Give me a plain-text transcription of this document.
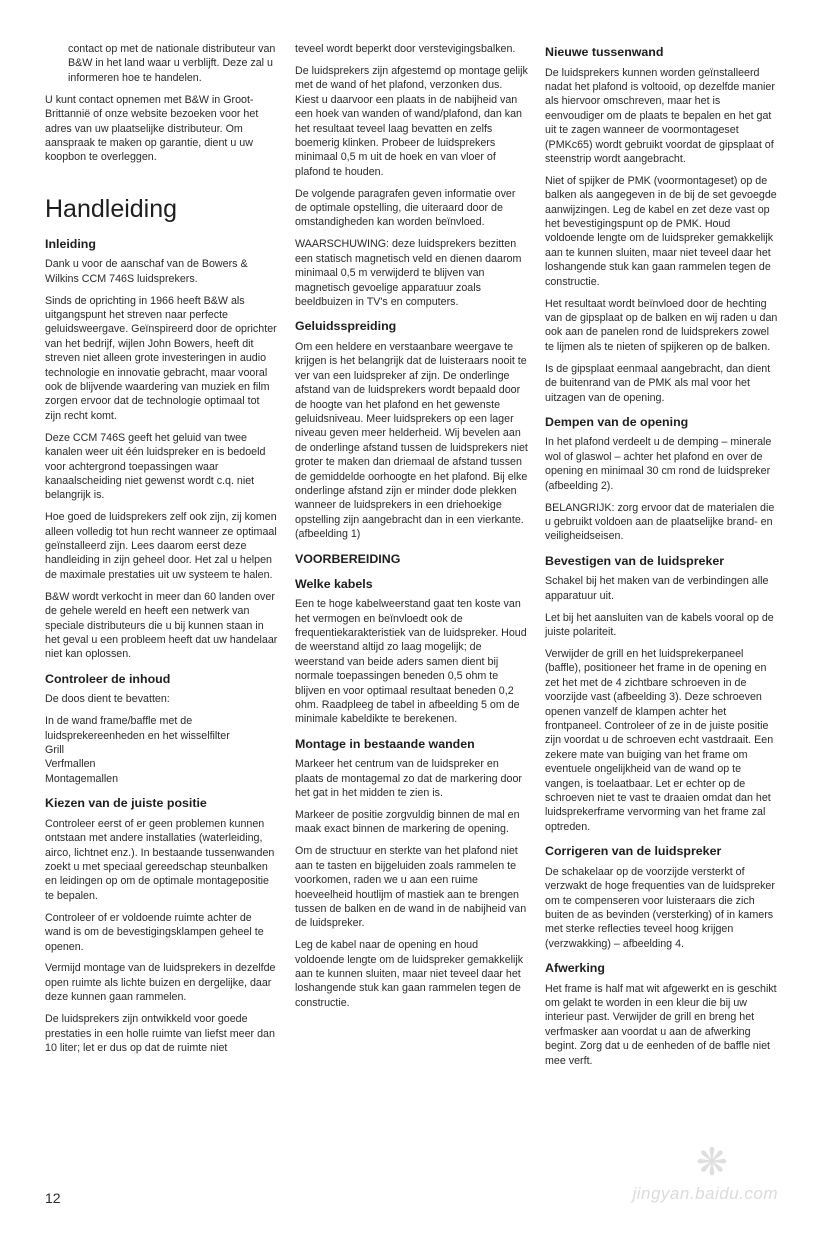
contact op met de nationale distributeur van B&W in het land waar u verblijft. Deze zal u informeren hoe te handelen.

U kunt contact opnemen met B&W in Groot-Brittannië of onze website bezoeken voor het adres van uw plaatselijke distributeur. Om aanspraak te maken op garantie, dient u uw koopbon te overleggen.

Handleiding
Inleiding

Dank u voor de aanschaf van de Bowers & Wilkins CCM 746S luidsprekers.

Sinds de oprichting in 1966 heeft B&W als uitgangspunt het streven naar perfecte geluidsweergave. Geïnspireerd door de oprichter van het bedrijf, wijlen John Bowers, heeft dit streven niet alleen grote investeringen in audio technologie en innovatie gebracht, maar vooral ook de blijvende waardering van muziek en film zorgen ervoor dat de technologie optimaal tot zijn recht komt.

Deze CCM 746S geeft het geluid van twee kanalen weer uit één luidspreker en is bedoeld voor achtergrond toepassingen waar kanaalscheiding niet gewenst wordt c.q. niet belangrijk is.

Hoe goed de luidsprekers zelf ook zijn, zij komen alleen volledig tot hun recht wanneer ze optimaal geïnstalleerd zijn. Lees daarom eerst deze handleiding in zijn geheel door. Het zal u helpen de maximale prestaties uit uw systeem te halen.

B&W wordt verkocht in meer dan 60 landen over de gehele wereld en heeft een netwerk van speciale distributeurs die u bij kunnen staan in het geval u een probleem heeft dat uw handelaar niet kan oplossen.

Controleer de inhoud

De doos dient te bevatten:

In de wand frame/baffle met de luidsprekereenheden en het wisselfilter

Grill

Verfmallen

Montagemallen

Kiezen van de juiste positie

Controleer eerst of er geen problemen kunnen ontstaan met andere installaties (waterleiding, airco, lichtnet enz.). In bestaande tussenwanden zoekt u met speciaal gereedschap steunbalken en leidingen op om de optimale montagepositie te bepalen.

Controleer of er voldoende ruimte achter de wand is om de bevestigingsklampen geheel te openen.

Vermijd montage van de luidsprekers in dezelfde open ruimte als lichte buizen en dergelijke, daar deze kunnen gaan rammelen.

De luidsprekers zijn ontwikkeld voor goede prestaties in een holle ruimte van liefst meer dan 10 liter; let er dus op dat de ruimte niet

teveel wordt beperkt door verstevigingsbalken.

De luidsprekers zijn afgestemd op montage gelijk met de wand of het plafond, verzonken dus. Kiest u daarvoor een plaats in de nabijheid van een hoek van wanden of wand/plafond, dan kan het resultaat teveel laag bevatten en zelfs boemerig klinken. Probeer de luidsprekers minimaal 0,5 m uit de hoek en van vloer of plafond te houden.

De volgende paragrafen geven informatie over de optimale opstelling, die uiteraard door de omstandigheden kan worden beïnvloed.

WAARSCHUWING: deze luidsprekers bezitten een statisch magnetisch veld en dienen daarom minimaal 0,5 m verwijderd te blijven van magnetisch gevoelige apparatuur zoals beeldbuizen in TV's en computers.

Geluidsspreiding

Om een heldere en verstaanbare weergave te krijgen is het belangrijk dat de luisteraars nooit te ver van een luidspreker af zijn. De onderlinge afstand van de luidsprekers wordt bepaald door de hoogte van het plafond en het gewenste geluidsniveau. Meer luidsprekers op een lager niveau geven meer helderheid. Wij bevelen aan de onderlinge afstand tussen de luidsprekers niet groter te maken dan driemaal de afstand tussen de gemiddelde oorhoogte en het plafond. Bij elke onderlinge afstand zijn er minder dode plekken wanneer de luidsprekers in een driehoekige opstelling zijn aangebracht dan in een vierkante. (afbeelding 1)

VOORBEREIDING
Welke kabels

Een te hoge kabelweerstand gaat ten koste van het vermogen en beïnvloedt ook de frequentiekarakteristiek van de luidspreker. Houd de weerstand altijd zo laag mogelijk; de weerstand van beide aders samen dient bij normale toepassingen beneden 0,5 ohm te blijven en voor optimaal resultaat beneden 0,2 ohm. Raadpleeg de tabel in afbeelding 5 om de minimale kabeldikte te berekenen.

Montage in bestaande wanden

Markeer het centrum van de luidspreker en plaats de montagemal zo dat de markering door het gat in het midden te zien is.

Markeer de positie zorgvuldig binnen de mal en maak exact binnen de markering de opening.

Om de structuur en sterkte van het plafond niet aan te tasten en bijgeluiden zoals rammelen te voorkomen, raden we u aan een ruime hoeveelheid houtlijm of mastiek aan te brengen tussen de balken en de wand in de nabijheid van de luidspreker.

Leg de kabel naar de opening en houd voldoende lengte om de luidspreker gemakkelijk aan te kunnen sluiten, maar niet teveel daar het loshangende stuk kan gaan rammelen tegen de constructie.

Nieuwe tussenwand

De luidsprekers kunnen worden geïnstalleerd nadat het plafond is voltooid, op dezelfde manier als hiervoor omschreven, maar het is eenvoudiger om de plaats te bepalen en het gat uit te zagen wanneer de voormontageset (PMKc65) wordt gebruikt voordat de gipsplaat of steenstrip wordt aangebracht.

Niet of spijker de PMK (voormontageset) op de balken als aangegeven in de bij de set gevoegde aanwijzingen. Leg de kabel en zet deze vast op het bevestigingspunt op de PMK. Houd voldoende lengte om de luidspreker gemakkelijk aan te kunnen sluiten, maar niet teveel daar het loshangende stuk kan gaan rammelen tegen de constructie.

Het resultaat wordt beïnvloed door de hechting van de gipsplaat op de balken en wij raden u dan ook aan de panelen rond de luidsprekers zowel te lijmen als te nieten of spijkeren op de balken.

Is de gipsplaat eenmaal aangebracht, dan dient de buitenrand van de PMK als mal voor het uitzagen van de opening.

Dempen van de opening

In het plafond verdeelt u de demping – minerale wol of glaswol – achter het plafond en over de opening en minimaal 30 cm rond de luidspreker (afbeelding 2).

BELANGRIJK: zorg ervoor dat de materialen die u gebruikt voldoen aan de plaatselijke brand- en veiligheidseisen.

Bevestigen van de luidspreker

Schakel bij het maken van de verbindingen alle apparatuur uit.

Let bij het aansluiten van de kabels vooral op de juiste polariteit.

Verwijder de grill en het luidsprekerpaneel (baffle), positioneer het frame in de opening en zet het met de 4 zichtbare schroeven in de voorzijde vast (afbeelding 3). Deze schroeven openen vanzelf de klampen achter het frontpaneel. Controleer of ze in de juiste positie zijn voordat u de schroeven echt vastdraait. Een zekere mate van buiging van het frame om eventuele ongelijkheid van de wand op te vangen, is toelaatbaar. Let er echter op de schroeven niet te vast te draaien omdat dan het luidsprekerframe vervorming van het frame zal optreden.

Corrigeren van de luidspreker

De schakelaar op de voorzijde versterkt of verzwakt de hoge frequenties van de luidspreker om te compenseren voor luisteraars die zich buiten de as bevinden (versterking) of in kamers met sterke reflecties teveel hoog krijgen (verzwakking) – afbeelding 4.

Afwerking

Het frame is half mat wit afgewerkt en is geschikt om gelakt te worden in een kleur die bij uw interieur past. Verwijder de grill en breng het verfmasker aan voordat u aan de afwerking begint. Zorg dat u de eenheden of de baffle niet mee verft.

12
❋
jingyan.baidu.com
